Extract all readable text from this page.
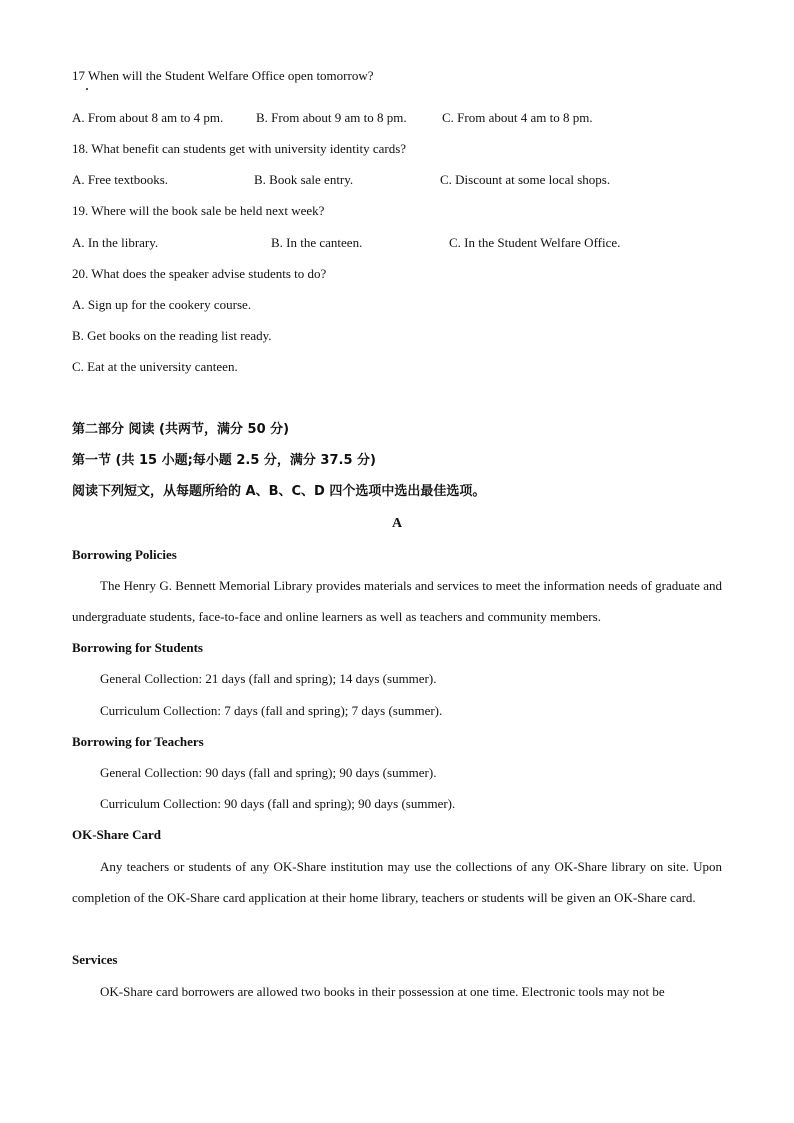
17 When will the Student Welfare Office open tomorrow?
A. From about 8 am to 4 pm.	B. From about 9 am to 8 pm.	C. From about 4 am to 8 pm.
18. What benefit can students get with university identity cards?
A. Free textbooks.	B. Book sale entry.	C. Discount at some local shops.
19. Where will the book sale be held next week?
A. In the library.	B. In the canteen.	C. In the Student Welfare Office.
20. What does the speaker advise students to do?
A. Sign up for the cookery course.
B. Get books on the reading list ready.
C. Eat at the university canteen.
第二部分 阅读 (共两节，满分 50 分)
第一节 (共 15 小题;每小题 2.5 分，满分 37.5 分)
阅读下列短文，从每题所给的 A、B、C、D 四个选项中选出最佳选项。
A
Borrowing Policies
The Henry G. Bennett Memorial Library provides materials and services to meet the information needs of graduate and undergraduate students, face-to-face and online learners as well as teachers and community members.
Borrowing for Students
General Collection: 21 days (fall and spring); 14 days (summer).
Curriculum Collection: 7 days (fall and spring); 7 days (summer).
Borrowing for Teachers
General Collection: 90 days (fall and spring); 90 days (summer).
Curriculum Collection: 90 days (fall and spring); 90 days (summer).
OK-Share Card
Any teachers or students of any OK-Share institution may use the collections of any OK-Share library on site. Upon completion of the OK-Share card application at their home library, teachers or students will be given an OK-Share card.
Services
OK-Share card borrowers are allowed two books in their possession at one time. Electronic tools may not be
